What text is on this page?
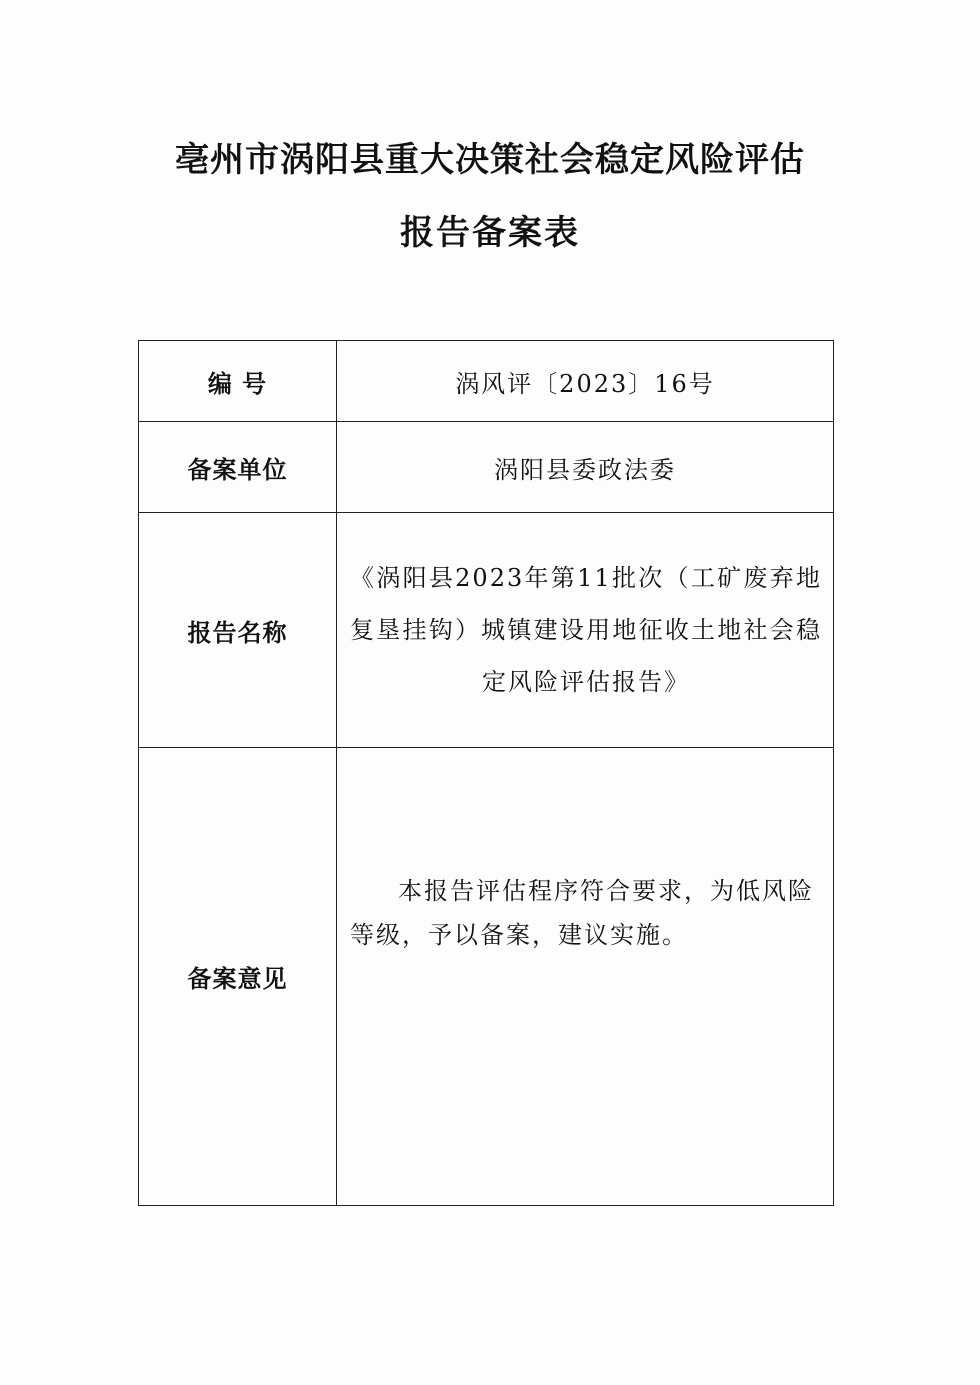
亳州市涡阳县重大决策社会稳定风险评估
报告备案表
编 号	涡风评〔2023〕16号
备案单位	涡阳县委政法委
报告名称	《涡阳县2023年第11批次（工矿废弃地复垦挂钩）城镇建设用地征收土地社会稳定风险评估报告》

备案意见	本报告评估程序符合要求，为低风险等级，予以备案，建议实施。
